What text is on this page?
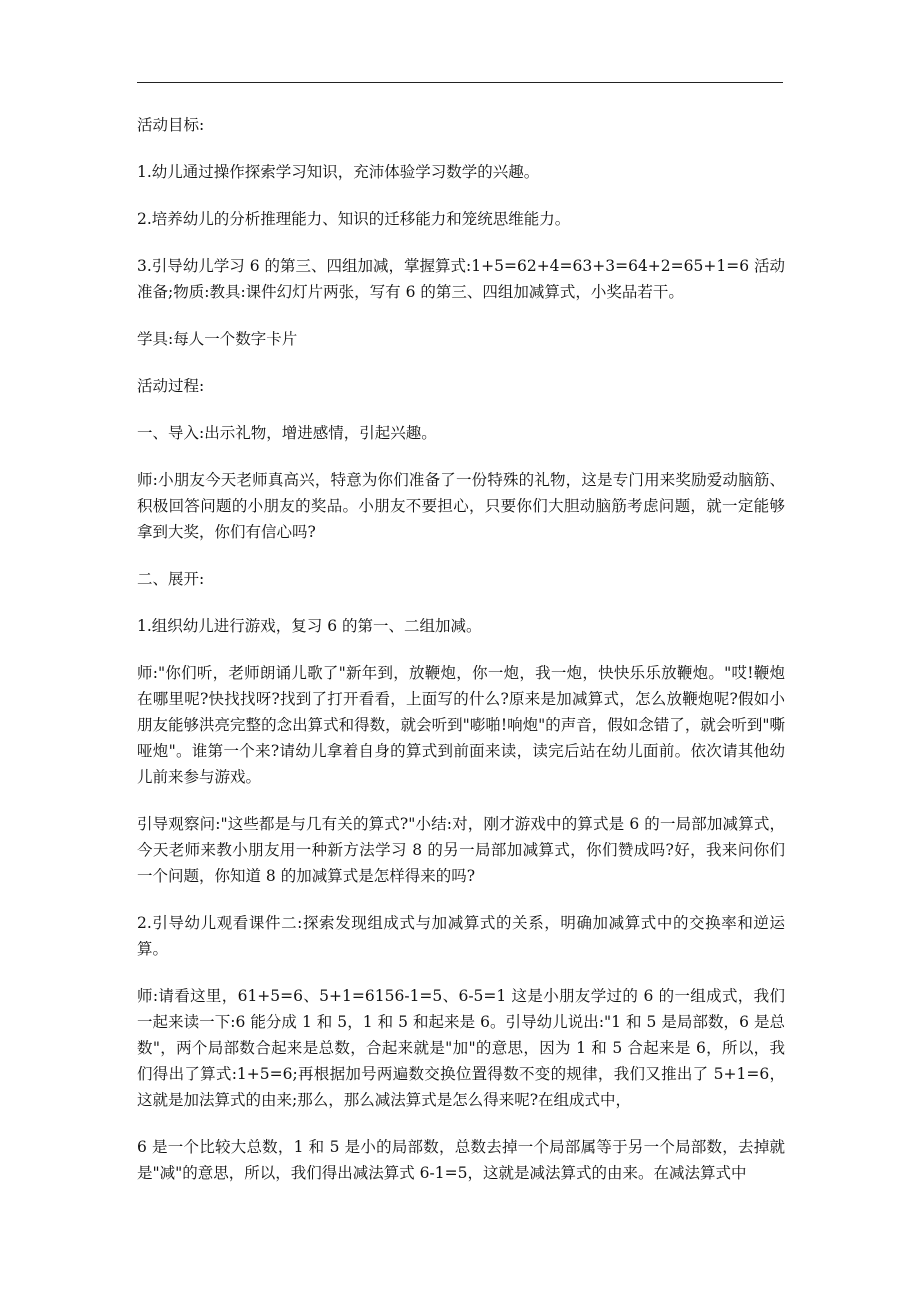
活动目标:

1.幼儿通过操作探索学习知识，充沛体验学习数学的兴趣。

2.培养幼儿的分析推理能力、知识的迁移能力和笼统思维能力。

3.引导幼儿学习 6 的第三、四组加减，掌握算式:1+5=62+4=63+3=64+2=65+1=6 活动准备;物质:教具:课件幻灯片两张，写有 6 的第三、四组加减算式，小奖品若干。

学具:每人一个数字卡片

活动过程:

一、导入:出示礼物，增进感情，引起兴趣。

师:小朋友今天老师真高兴，特意为你们准备了一份特殊的礼物，这是专门用来奖励爱动脑筋、积极回答问题的小朋友的奖品。小朋友不要担心，只要你们大胆动脑筋考虑问题，就一定能够拿到大奖，你们有信心吗?

二、展开:

1.组织幼儿进行游戏，复习 6 的第一、二组加减。

师:"你们听，老师朗诵儿歌了"新年到，放鞭炮，你一炮，我一炮，快快乐乐放鞭炮。"哎!鞭炮在哪里呢?快找找呀?找到了打开看看，上面写的什么?原来是加减算式，怎么放鞭炮呢?假如小朋友能够洪亮完整的念出算式和得数，就会听到"嘭啪!响炮"的声音，假如念错了，就会听到"嘶哑炮"。谁第一个来?请幼儿拿着自身的算式到前面来读，读完后站在幼儿面前。依次请其他幼儿前来参与游戏。

引导观察问:"这些都是与几有关的算式?"小结:对，刚才游戏中的算式是 6 的一局部加减算式，今天老师来教小朋友用一种新方法学习 8 的另一局部加减算式，你们赞成吗?好，我来问你们一个问题，你知道 8 的加减算式是怎样得来的吗?

2.引导幼儿观看课件二:探索发现组成式与加减算式的关系，明确加减算式中的交换率和逆运算。

师:请看这里，61+5=6、5+1=6156-1=5、6-5=1 这是小朋友学过的 6 的一组成式，我们一起来读一下:6 能分成 1 和 5，1 和 5 和起来是 6。引导幼儿说出:"1 和 5 是局部数，6 是总数"，两个局部数合起来是总数，合起来就是"加"的意思，因为 1 和 5 合起来是 6，所以，我们得出了算式:1+5=6;再根据加号两遍数交换位置得数不变的规律，我们又推出了 5+1=6，这就是加法算式的由来;那么，那么减法算式是怎么得来呢?在组成式中，

6 是一个比较大总数，1 和 5 是小的局部数，总数去掉一个局部属等于另一个局部数，去掉就是"减"的意思，所以，我们得出减法算式 6-1=5，这就是减法算式的由来。在减法算式中
